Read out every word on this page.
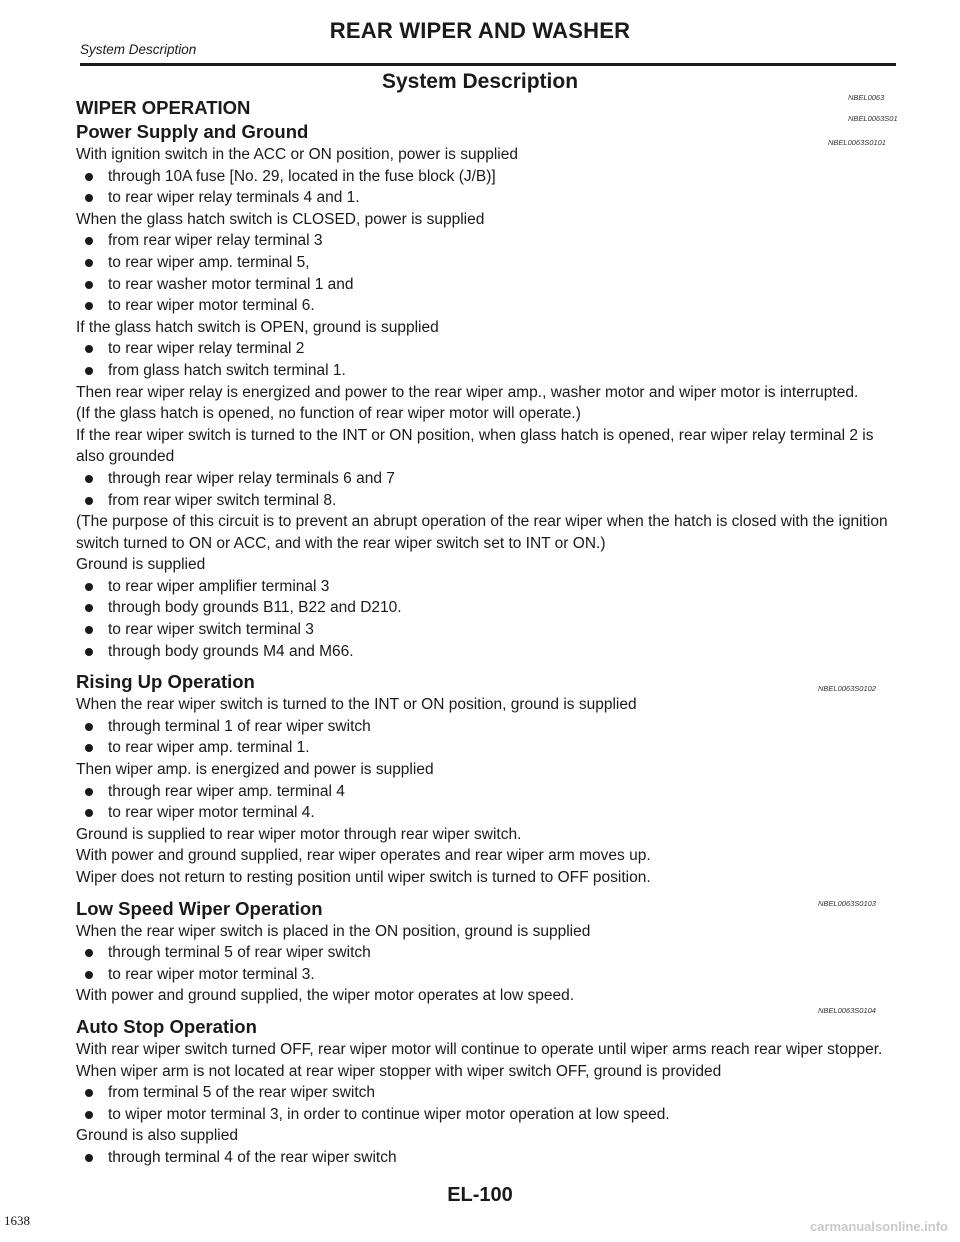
REAR WIPER AND WASHER
System Description
System Description
NBEL0063
NBEL0063S01
NBEL0063S0101
NBEL0063S0102
NBEL0063S0103
NBEL0063S0104
WIPER OPERATION
Power Supply and Ground

With ignition switch in the ACC or ON position, power is supplied

through 10A fuse [No. 29, located in the fuse block (J/B)]
to rear wiper relay terminals 4 and 1.

When the glass hatch switch is CLOSED, power is supplied

from rear wiper relay terminal 3
to rear wiper amp. terminal 5,
to rear washer motor terminal 1 and
to rear wiper motor terminal 6.

If the glass hatch switch is OPEN, ground is supplied

to rear wiper relay terminal 2
from glass hatch switch terminal 1.

Then rear wiper relay is energized and power to the rear wiper amp., washer motor and wiper motor is interrupted.

(If the glass hatch is opened, no function of rear wiper motor will operate.)

If the rear wiper switch is turned to the INT or ON position, when glass hatch is opened, rear wiper relay terminal 2 is also grounded

through rear wiper relay terminals 6 and 7
from rear wiper switch terminal 8.

(The purpose of this circuit is to prevent an abrupt operation of the rear wiper when the hatch is closed with the ignition switch turned to ON or ACC, and with the rear wiper switch set to INT or ON.)

Ground is supplied

to rear wiper amplifier terminal 3
through body grounds B11, B22 and D210.
to rear wiper switch terminal 3
through body grounds M4 and M66.
Rising Up Operation

When the rear wiper switch is turned to the INT or ON position, ground is supplied

through terminal 1 of rear wiper switch
to rear wiper amp. terminal 1.

Then wiper amp. is energized and power is supplied

through rear wiper amp. terminal 4
to rear wiper motor terminal 4.

Ground is supplied to rear wiper motor through rear wiper switch.

With power and ground supplied, rear wiper operates and rear wiper arm moves up.

Wiper does not return to resting position until wiper switch is turned to OFF position.

Low Speed Wiper Operation

When the rear wiper switch is placed in the ON position, ground is supplied

through terminal 5 of rear wiper switch
to rear wiper motor terminal 3.

With power and ground supplied, the wiper motor operates at low speed.

Auto Stop Operation

With rear wiper switch turned OFF, rear wiper motor will continue to operate until wiper arms reach rear wiper stopper.

When wiper arm is not located at rear wiper stopper with wiper switch OFF, ground is provided

from terminal 5 of the rear wiper switch
to wiper motor terminal 3, in order to continue wiper motor operation at low speed.

Ground is also supplied

through terminal 4 of the rear wiper switch
EL-100
1638	carmanualsonline.info
